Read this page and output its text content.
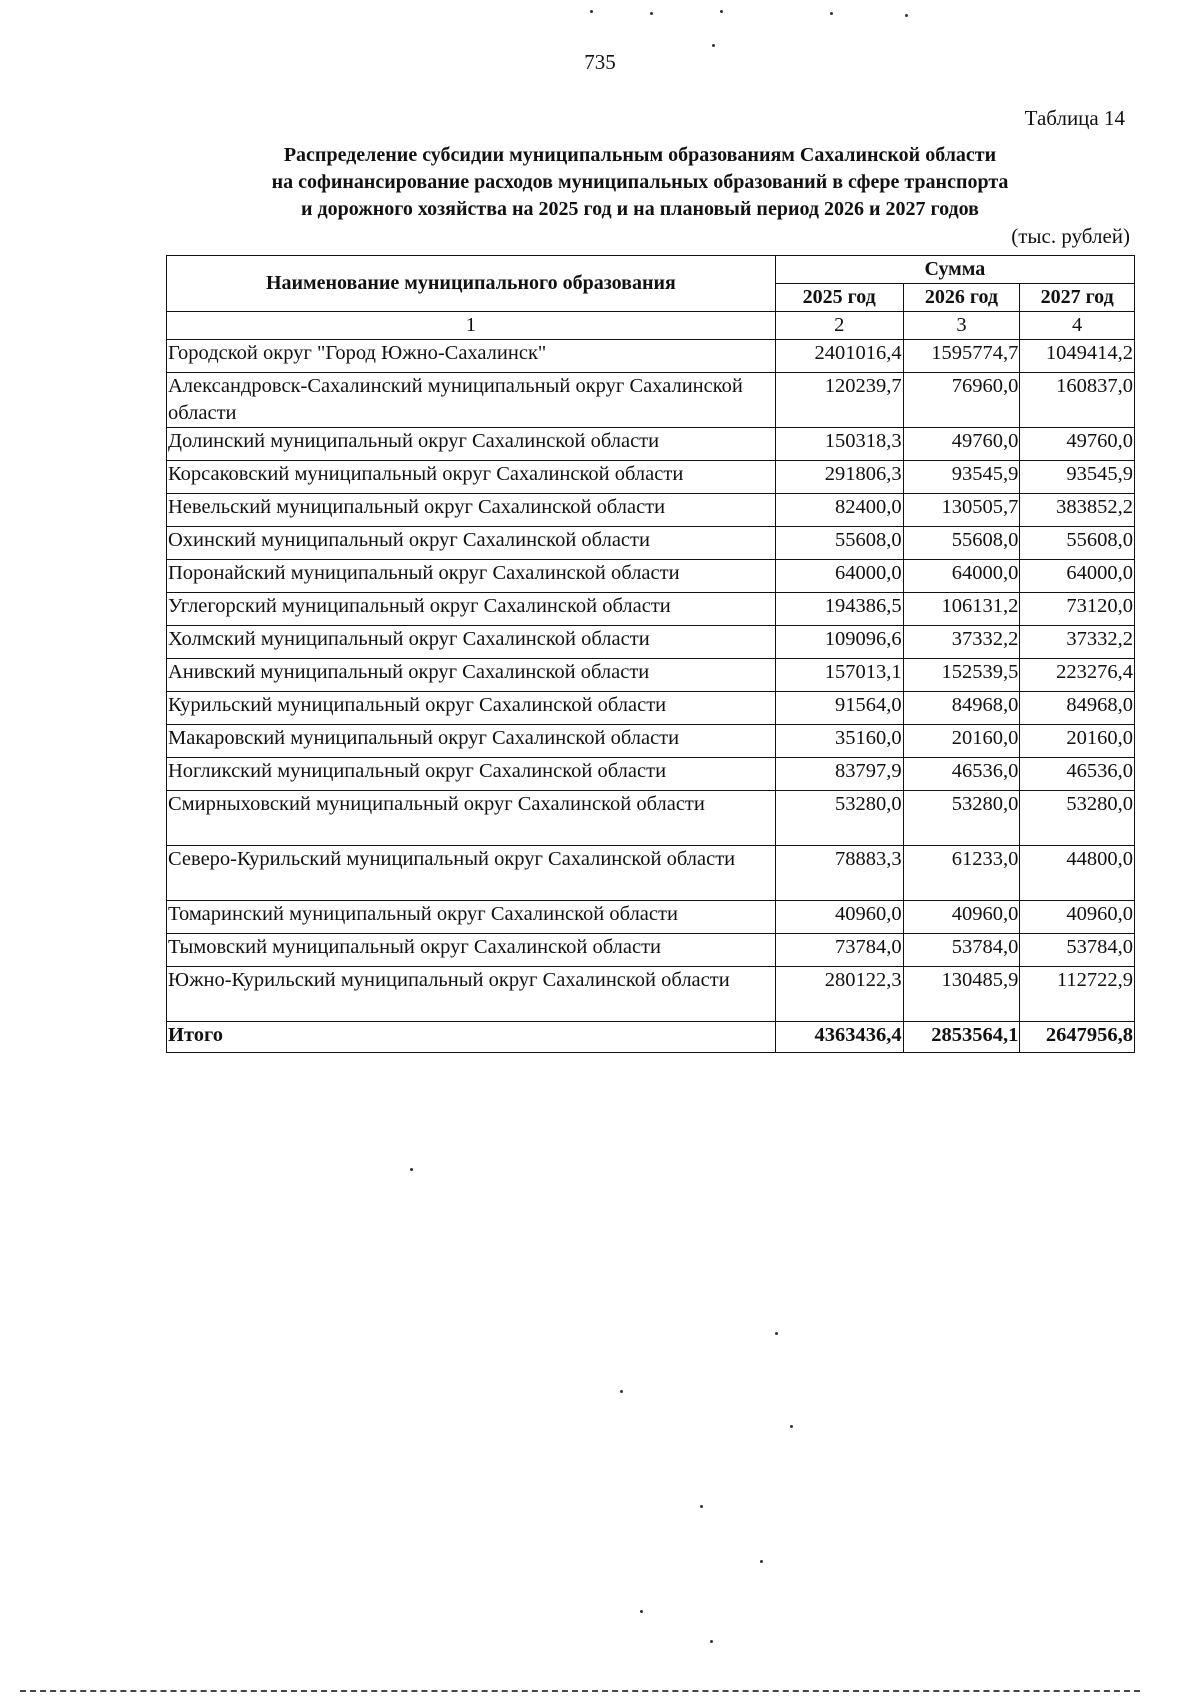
735
Таблица 14
Распределение субсидии муниципальным образованиям Сахалинской области
на софинансирование расходов муниципальных образований в сфере транспорта
и дорожного хозяйства на 2025 год и на плановый период 2026 и 2027 годов
(тыс. рублей)
Наименование муниципального образования	Сумма		
	2025 год	2026 год	2027 год
1	2	3	4
Городской округ "Город Южно-Сахалинск"	2401016,4	1595774,7	1049414,2
Александровск-Сахалинский муниципальный округ Сахалинской области	120239,7	76960,0	160837,0
Долинский муниципальный округ Сахалинской области	150318,3	49760,0	49760,0
Корсаковский муниципальный округ Сахалинской области	291806,3	93545,9	93545,9
Невельский муниципальный округ Сахалинской области	82400,0	130505,7	383852,2
Охинский муниципальный округ Сахалинской области	55608,0	55608,0	55608,0
Поронайский муниципальный округ Сахалинской области	64000,0	64000,0	64000,0
Углегорский муниципальный округ Сахалинской области	194386,5	106131,2	73120,0
Холмский муниципальный округ Сахалинской области	109096,6	37332,2	37332,2
Анивский муниципальный округ Сахалинской области	157013,1	152539,5	223276,4
Курильский муниципальный округ Сахалинской области	91564,0	84968,0	84968,0
Макаровский муниципальный округ Сахалинской области	35160,0	20160,0	20160,0
Ногликский муниципальный округ Сахалинской области	83797,9	46536,0	46536,0
Смирныховский муниципальный округ Сахалинской области	53280,0	53280,0	53280,0
Северо-Курильский муниципальный округ Сахалинской области	78883,3	61233,0	44800,0
Томаринский муниципальный округ Сахалинской области	40960,0	40960,0	40960,0
Тымовский муниципальный округ Сахалинской области	73784,0	53784,0	53784,0
Южно-Курильский муниципальный округ Сахалинской области	280122,3	130485,9	112722,9
Итого	4363436,4	2853564,1	2647956,8
